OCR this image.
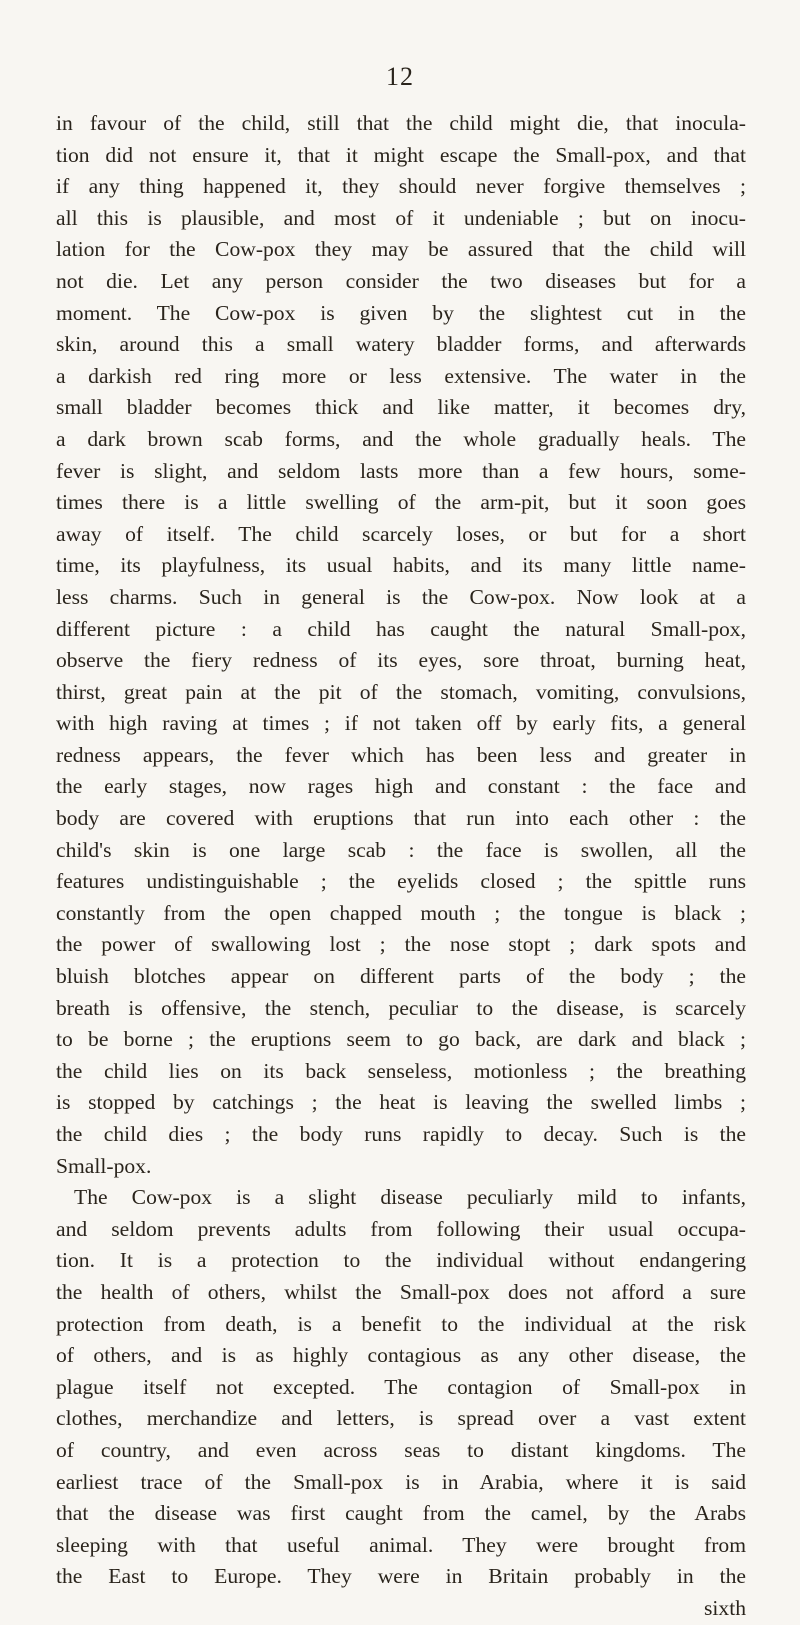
12
in favour of the child, still that the child might die, that inocula-
tion did not ensure it, that it might escape the Small-pox, and that
if any thing happened it, they should never forgive themselves ;
all this is plausible, and most of it undeniable ; but on inocu-
lation for the Cow-pox they may be assured that the child will
not die. Let any person consider the two diseases but for a
moment. The Cow-pox is given by the slightest cut in the
skin, around this a small watery bladder forms, and afterwards
a darkish red ring more or less extensive. The water in the
small bladder becomes thick and like matter, it becomes dry,
a dark brown scab forms, and the whole gradually heals. The
fever is slight, and seldom lasts more than a few hours, some-
times there is a little swelling of the arm-pit, but it soon goes
away of itself. The child scarcely loses, or but for a short
time, its playfulness, its usual habits, and its many little name-
less charms. Such in general is the Cow-pox. Now look at a
different picture : a child has caught the natural Small-pox,
observe the fiery redness of its eyes, sore throat, burning heat,
thirst, great pain at the pit of the stomach, vomiting, convulsions,
with high raving at times ; if not taken off by early fits, a general
redness appears, the fever which has been less and greater in
the early stages, now rages high and constant : the face and
body are covered with eruptions that run into each other : the
child's skin is one large scab : the face is swollen, all the
features undistinguishable ; the eyelids closed ; the spittle runs
constantly from the open chapped mouth ; the tongue is black ;
the power of swallowing lost ; the nose stopt ; dark spots and
bluish blotches appear on different parts of the body ; the
breath is offensive, the stench, peculiar to the disease, is scarcely
to be borne ; the eruptions seem to go back, are dark and black ;
the child lies on its back senseless, motionless ; the breathing
is stopped by catchings ; the heat is leaving the swelled limbs ;
the child dies ; the body runs rapidly to decay. Such is the
Small-pox.
The Cow-pox is a slight disease peculiarly mild to infants,
and seldom prevents adults from following their usual occupa-
tion. It is a protection to the individual without endangering
the health of others, whilst the Small-pox does not afford a sure
protection from death, is a benefit to the individual at the risk
of others, and is as highly contagious as any other disease, the
plague itself not excepted. The contagion of Small-pox in
clothes, merchandize and letters, is spread over a vast extent
of country, and even across seas to distant kingdoms. The
earliest trace of the Small-pox is in Arabia, where it is said
that the disease was first caught from the camel, by the Arabs
sleeping with that useful animal. They were brought from
the East to Europe. They were in Britain probably in the
sixth
